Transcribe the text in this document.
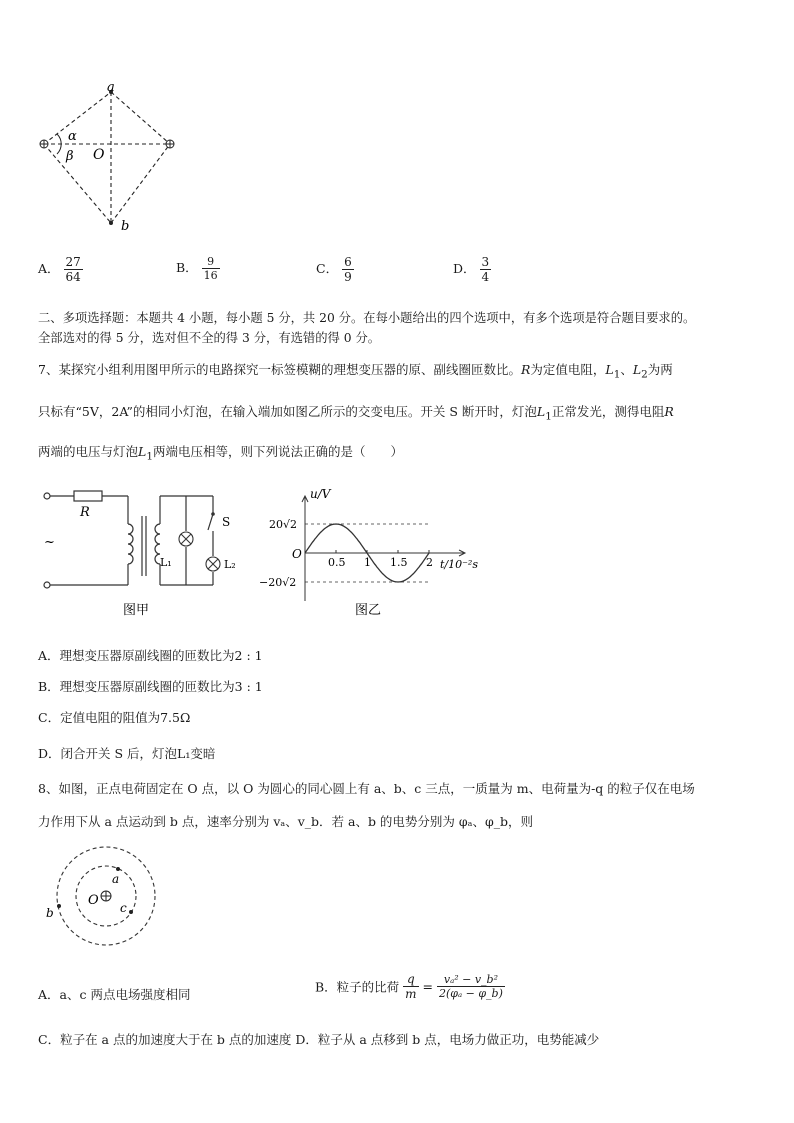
a
b
O
α
β
A． $\frac{27}{64}$	B． $\frac{9}{16}$	C． $\frac{6}{9}$	D． $\frac{3}{4}$
二、多项选择题：本题共 4 小题，每小题 5 分，共 20 分。在每小题给出的四个选项中，有多个选项是符合题目要求的。
全部选对的得 5 分，选对但不全的得 3 分，有选错的得 0 分。
7、某探究小组利用图甲所示的电路探究一标签模糊的理想变压器的原、副线圈匝数比。R为定值电阻，$L_1$、$L_2$为两
只标有“5V，2A”的相同小灯泡，在输入端加如图乙所示的交变电压。开关 S 断开时，灯泡$L_1$正常发光，测得电阻R
两端的电压与灯泡$L_1$两端电压相等，则下列说法正确的是（　　）
R
~
S
L₁	L₂
图甲
0.5 1 1.5 2
u/V
t/10⁻²s
O
20√2
−20√2
图乙
A．理想变压器原副线圈的匝数比为2 : 1
B．理想变压器原副线圈的匝数比为3 : 1
C．定值电阻的阻值为7.5Ω
D．闭合开关 S 后，灯泡L₁变暗
8、如图，正点电荷固定在 O 点，以 O 为圆心的同心圆上有 a、b、c 三点，一质量为 m、电荷量为-q 的粒子仅在电场
力作用下从 a 点运动到 b 点，速率分别为 vₐ、v_b．若 a、b 的电势分别为 φₐ、φ_b，则
O
a
b	c
A．a、c 两点电场强度相同	B．粒子的比荷 $\frac{q}{m} = \frac{\text{vₐ² − v\_b²}}{\text{2(φₐ − φ\_b)}}$
C．粒子在 a 点的加速度大于在 b 点的加速度 D．粒子从 a 点移到 b 点，电场力做正功，电势能减少
